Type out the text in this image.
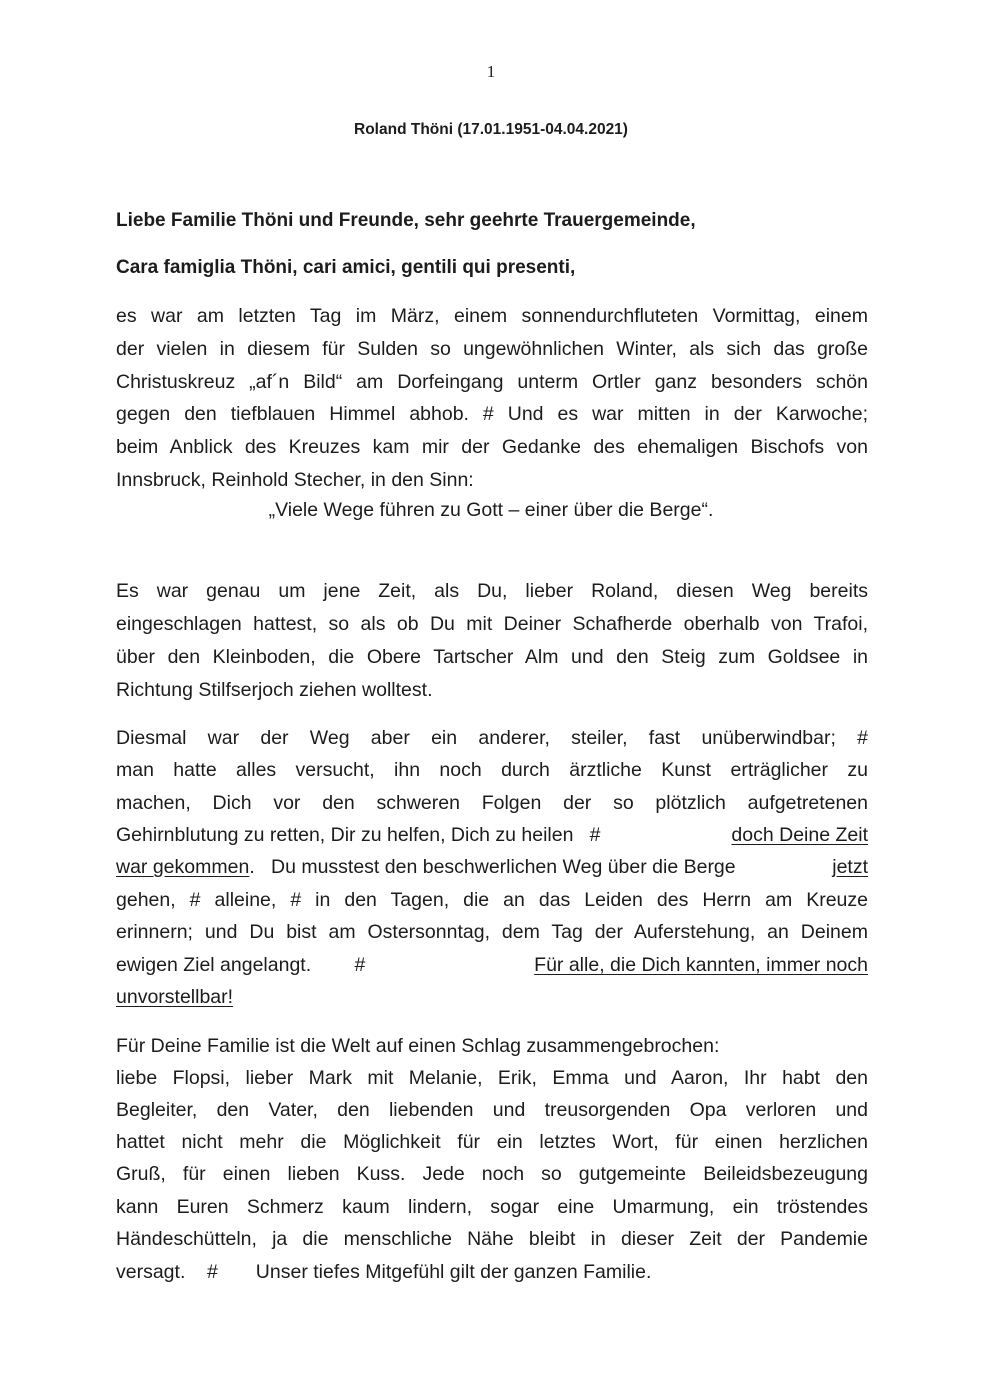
1
Roland Thöni (17.01.1951-04.04.2021)
Liebe Familie Thöni und Freunde, sehr geehrte Trauergemeinde,
Cara famiglia Thöni, cari amici, gentili qui presenti,
es war am letzten Tag im März, einem sonnendurchfluteten Vormittag, einem
der vielen in diesem für Sulden so ungewöhnlichen Winter, als sich das große
Christuskreuz „af´n Bild“ am Dorfeingang unterm Ortler ganz besonders schön
gegen den tiefblauen Himmel abhob. # Und es war mitten in der Karwoche;
beim Anblick des Kreuzes kam mir der Gedanke des ehemaligen Bischofs von
Innsbruck, Reinhold Stecher, in den Sinn:
„Viele Wege führen zu Gott – einer über die Berge“.
Es war genau um jene Zeit, als Du, lieber Roland, diesen Weg bereits
eingeschlagen hattest, so als ob Du mit Deiner Schafherde oberhalb von Trafoi,
über den Kleinboden, die Obere Tartscher Alm und den Steig zum Goldsee in
Richtung Stilfserjoch ziehen wolltest.
Diesmal war der Weg aber ein anderer, steiler, fast unüberwindbar; #
man hatte alles versucht, ihn noch durch ärztliche Kunst erträglicher zu
machen, Dich vor den schweren Folgen der so plötzlich aufgetretenen
Gehirnblutung zu retten, Dir zu helfen, Dich zu heilen   #	doch Deine Zeit
war gekommen.   Du musstest den beschwerlichen Weg über die Berge	jetzt
gehen, # alleine, # in den Tagen, die an das Leiden des Herrn am Kreuze
erinnern; und Du bist am Ostersonntag, dem Tag der Auferstehung, an Deinem
ewigen Ziel angelangt.        #	Für alle, die Dich kannten, immer noch
unvorstellbar!
Für Deine Familie ist die Welt auf einen Schlag zusammengebrochen:
liebe Flopsi, lieber Mark mit Melanie, Erik, Emma und Aaron, Ihr habt den
Begleiter, den Vater, den liebenden und treusorgenden Opa verloren und
hattet nicht mehr die Möglichkeit für ein letztes Wort, für einen herzlichen
Gruß, für einen lieben Kuss. Jede noch so gutgemeinte Beileidsbezeugung
kann Euren Schmerz kaum lindern, sogar eine Umarmung, ein tröstendes
Händeschütteln, ja die menschliche Nähe bleibt in dieser Zeit der Pandemie
versagt.    #       Unser tiefes Mitgefühl gilt der ganzen Familie.
